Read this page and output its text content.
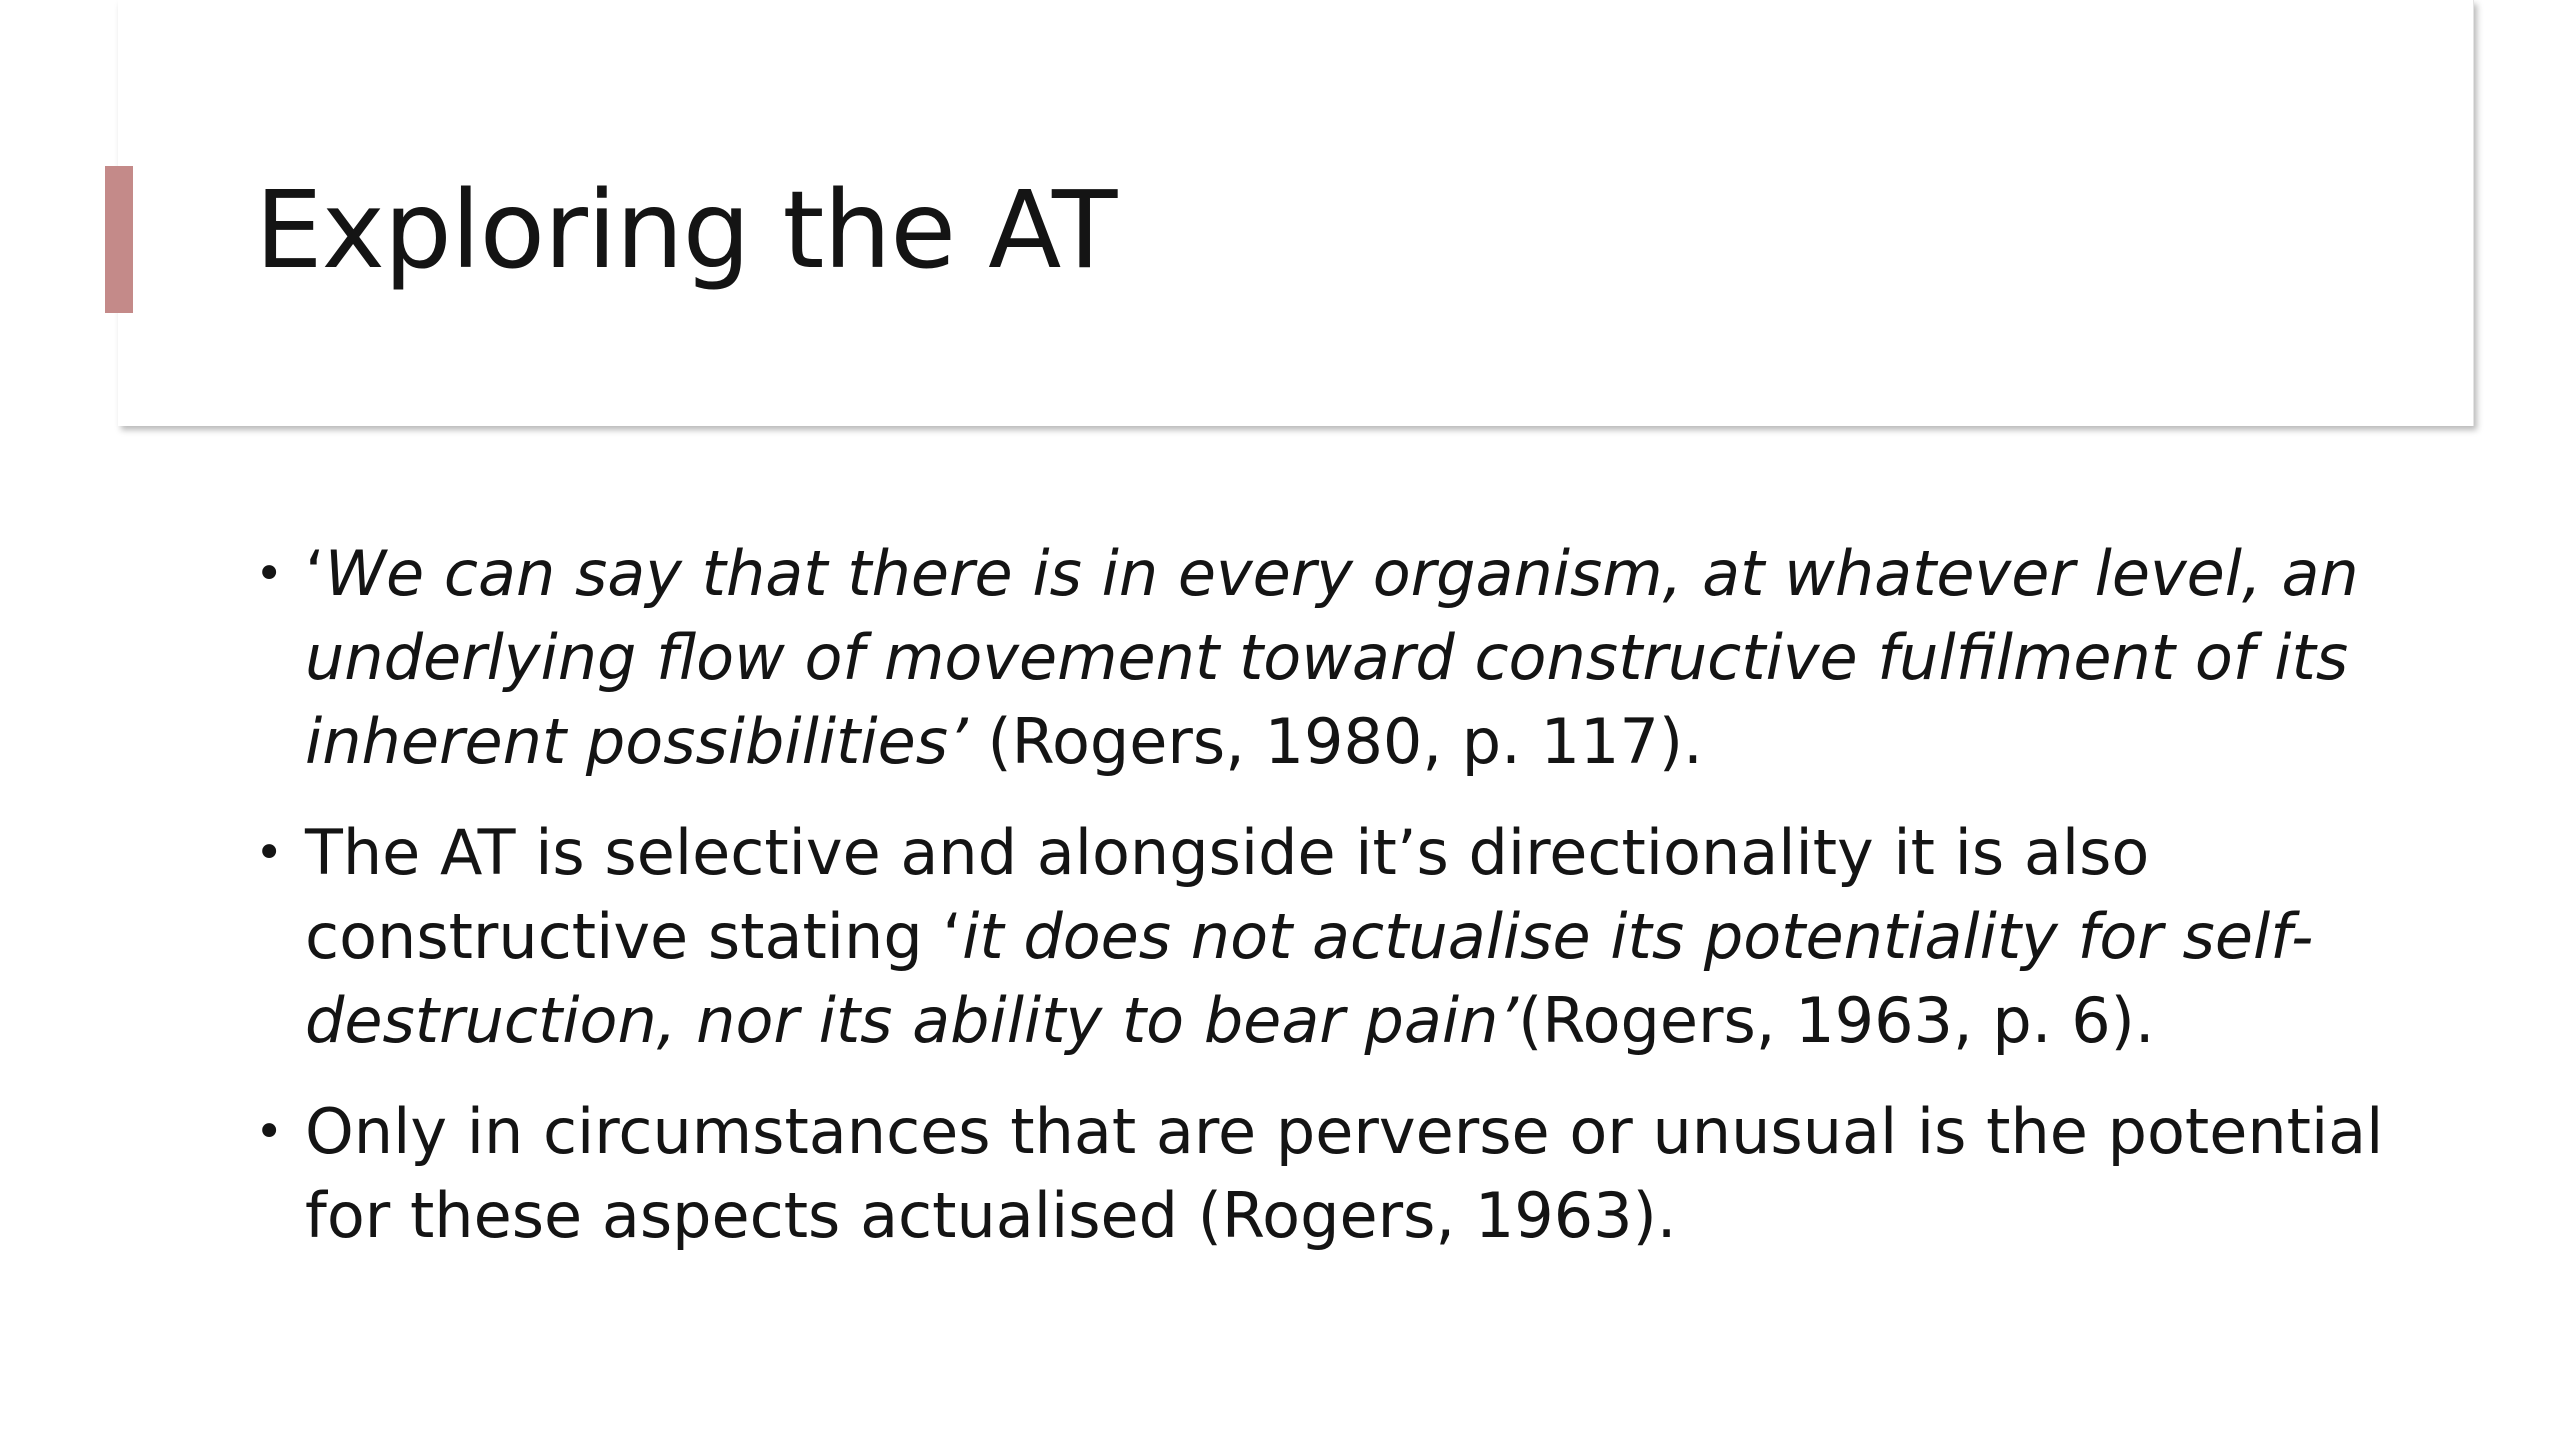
Exploring the AT
• ‘We can say that there is in every organism, at whatever level, an underlying flow of movement toward constructive fulfilment of its inherent possibilities’ (Rogers, 1980, p. 117).
• The AT is selective and alongside it’s directionality it is also constructive stating ‘it does not actualise its potentiality for self-destruction, nor its ability to bear pain’(Rogers, 1963, p. 6).
• Only in circumstances that are perverse or unusual is the potential for these aspects actualised (Rogers, 1963).
